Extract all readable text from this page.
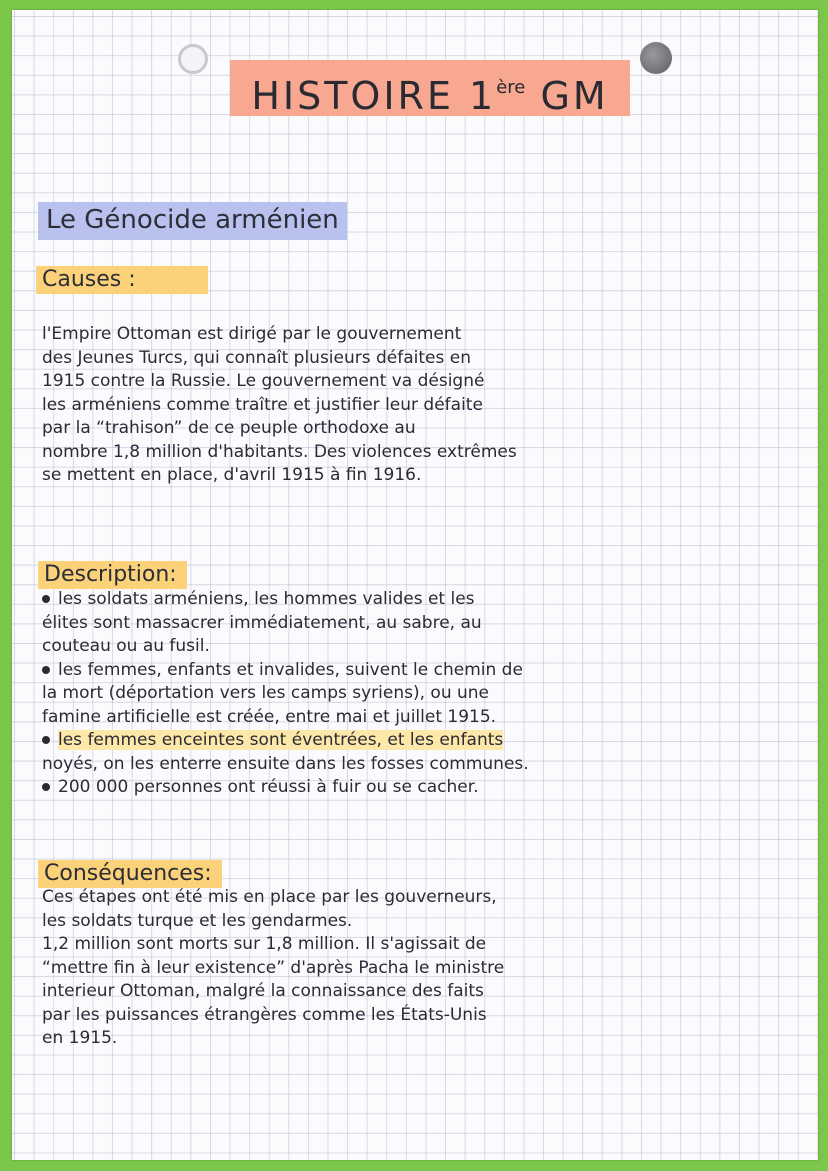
HISTOIRE 1ère GM
Le Génocide arménien
Causes :
l'Empire Ottoman est dirigé par le gouvernement
des Jeunes Turcs, qui connaît plusieurs défaites en
1915 contre la Russie. Le gouvernement va désigné
les arméniens comme traître et justifier leur défaite
par la “trahison” de ce peuple orthodoxe au
nombre 1,8 million d'habitants. Des violences extrêmes
se mettent en place, d'avril 1915 à fin 1916.
Description:
les soldats arméniens, les hommes valides et les
élites sont massacrer immédiatement, au sabre, au
couteau ou au fusil.
les femmes, enfants et invalides, suivent le chemin de
la mort (déportation vers les camps syriens), ou une
famine artificielle est créée, entre mai et juillet 1915.
les femmes enceintes sont éventrées, et les enfants
noyés, on les enterre ensuite dans les fosses communes.
200 000 personnes ont réussi à fuir ou se cacher.
Conséquences:
Ces étapes ont été mis en place par les gouverneurs,
les soldats turque et les gendarmes.
1,2 million sont morts sur 1,8 million. Il s'agissait de
“mettre fin à leur existence” d'après Pacha le ministre
interieur Ottoman, malgré la connaissance des faits
par les puissances étrangères comme les États-Unis
en 1915.
